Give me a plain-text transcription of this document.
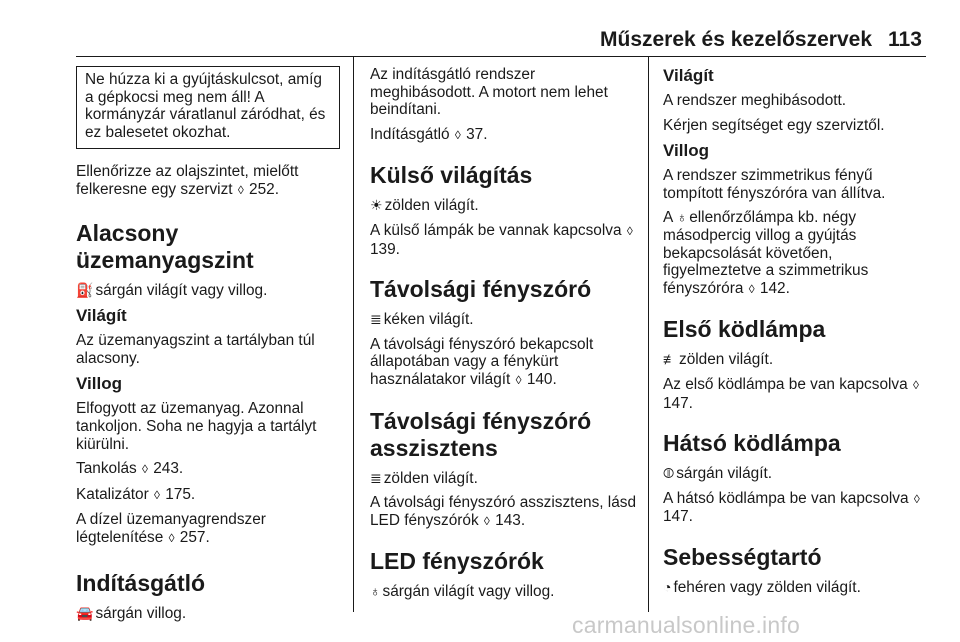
Műszerek és kezelőszervek 113

Ne húzza ki a gyújtáskulcsot, amíg a gépkocsi meg nem áll! A kormányzár váratlanul záródhat, és ez balesetet okozhat.

Ellenőrizze az olajszintet, mielőtt felkeresne egy szervizt ◊ 252.

Alacsony üzemanyagszint

⛽ sárgán világít vagy villog.

Világít

Az üzemanyagszint a tartályban túl alacsony.

Villog

Elfogyott az üzemanyag. Azonnal tankoljon. Soha ne hagyja a tartályt kiürülni.

Tankolás ◊ 243.

Katalizátor ◊ 175.

A dízel üzemanyagrendszer légtelenítése ◊ 257.

Indításgátló

🚘 sárgán villog.

Az indításgátló rendszer meghibásodott. A motort nem lehet beindítani.

Indításgátló ◊ 37.

Külső világítás

☀ zölden világít.

A külső lámpák be vannak kapcsolva ◊ 139.

Távolsági fényszóró

≣ kéken világít.

A távolsági fényszóró bekapcsolt állapotában vagy a fénykürt használatakor világít ◊ 140.

Távolsági fényszóró asszisztens

≣ zölden világít.

A távolsági fényszóró asszisztens, lásd LED fényszórók ◊ 143.

LED fényszórók

♁ sárgán világít vagy villog.

Világít

A rendszer meghibásodott.

Kérjen segítséget egy szerviztől.

Villog

A rendszer szimmetrikus fényű tompított fényszóróra van állítva.

A ♁ ellenőrzőlámpa kb. négy másodpercig villog a gyújtás bekapcsolását követően, figyelmeztetve a szimmetrikus fényszóróra ◊ 142.

Első ködlámpa

≢ zölden világít.

Az első ködlámpa be van kapcsolva ◊ 147.

Hátsó ködlámpa

⦷ sárgán világít.

A hátsó ködlámpa be van kapcsolva ◊ 147.

Sebességtartó

◔ fehéren vagy zölden világít.

carmanualsonline.info
